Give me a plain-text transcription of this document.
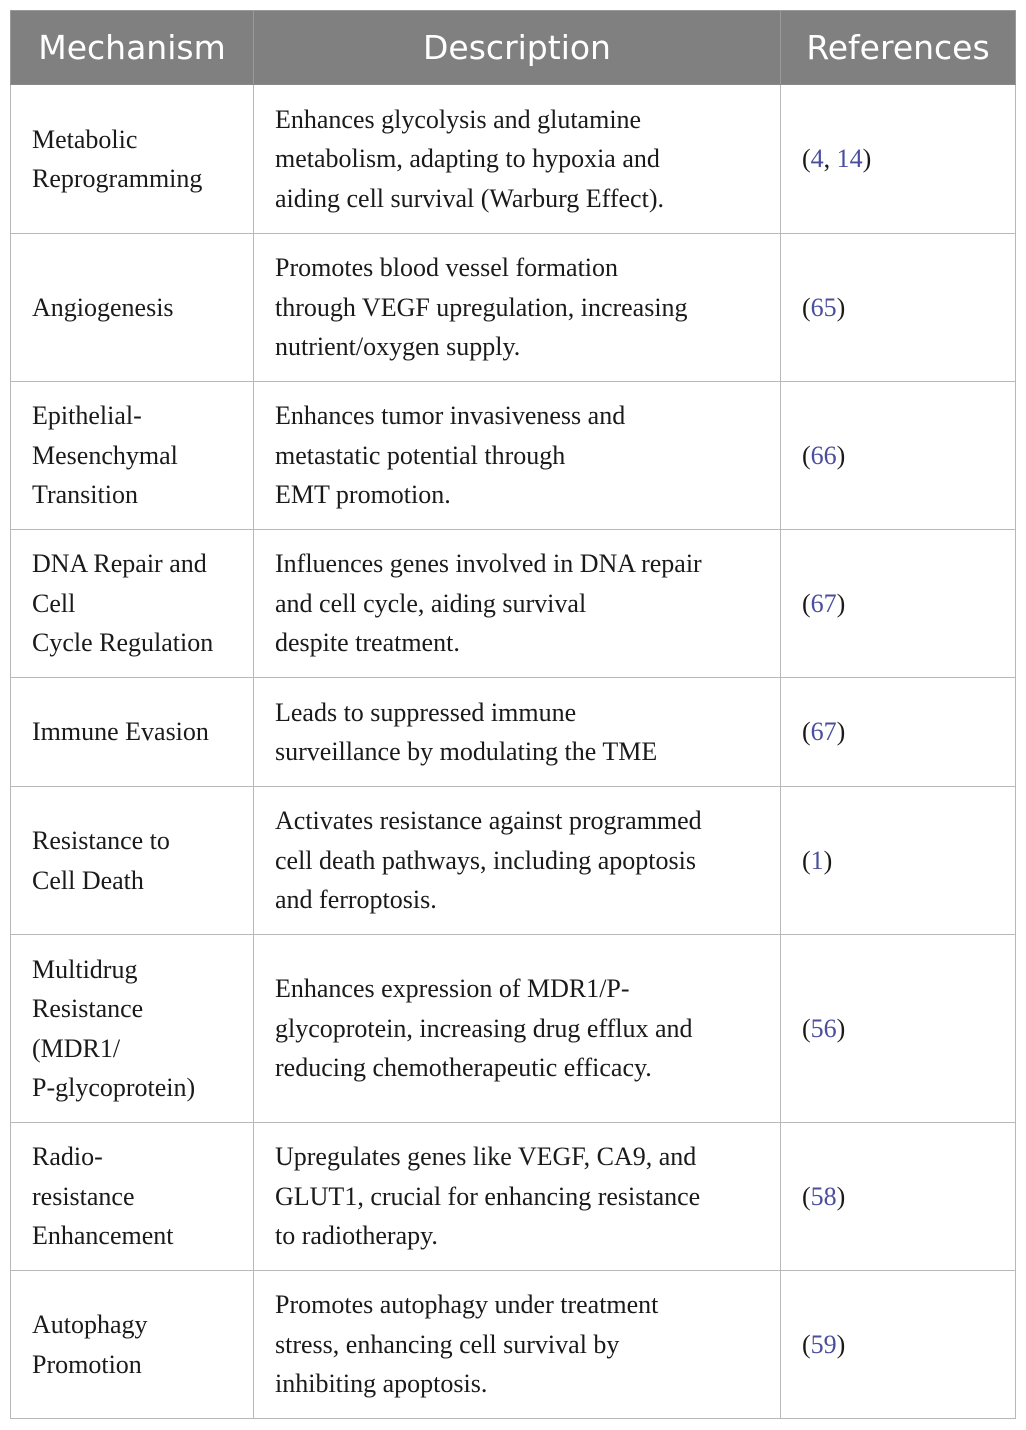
Mechanism	Description	References
Metabolic
Reprogramming	Enhances glycolysis and glutamine
metabolism, adapting to hypoxia and
aiding cell survival (Warburg Effect).	(4, 14)
Angiogenesis	Promotes blood vessel formation
through VEGF upregulation, increasing
nutrient/oxygen supply.	(65)
Epithelial-
Mesenchymal
Transition	Enhances tumor invasiveness and
metastatic potential through
EMT promotion.	(66)
DNA Repair and
Cell
Cycle Regulation	Influences genes involved in DNA repair
and cell cycle, aiding survival
despite treatment.	(67)
Immune Evasion	Leads to suppressed immune
surveillance by modulating the TME	(67)
Resistance to
Cell Death	Activates resistance against programmed
cell death pathways, including apoptosis
and ferroptosis.	(1)
Multidrug
Resistance
(MDR1/
P-glycoprotein)	Enhances expression of MDR1/P-
glycoprotein, increasing drug efflux and
reducing chemotherapeutic efficacy.	(56)
Radio-
resistance
Enhancement	Upregulates genes like VEGF, CA9, and
GLUT1, crucial for enhancing resistance
to radiotherapy.	(58)
Autophagy
Promotion	Promotes autophagy under treatment
stress, enhancing cell survival by
inhibiting apoptosis.	(59)
